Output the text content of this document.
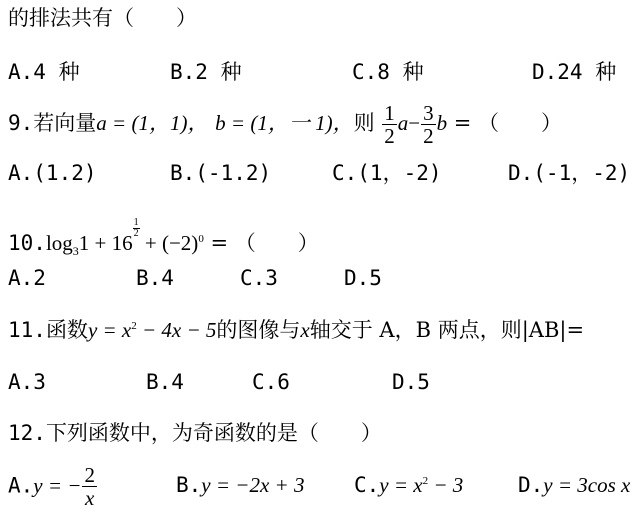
的排法共有（　　）
A.4 种	B.2 种	C.8 种	D.24 种
9.若向量a = (1，1)， b = (1，一 1)，则 $\frac{1}{2} a- \frac{3}{2}$ b = （　　）
A.(1.2)	B.(-1.2)	C.(1，-2)	D.(-1，-2)
$10.\log_31 + 16$
$\frac{1}{2}$
+ $(-2)^0$ = （　　）
A.2	B.4	C.3	D.5
11.函数$y = x^2 - 4x - 5$的图像与x轴交于 A，B 两点，则|AB|=
A.3	B.4	C.6	D.5
12.下列函数中，为奇函数的是（　　）
A.y = − $\frac{2}{x}$	B.y = −2x + 3 $C.y = x^2 - 3$	D.y = 3cos x
